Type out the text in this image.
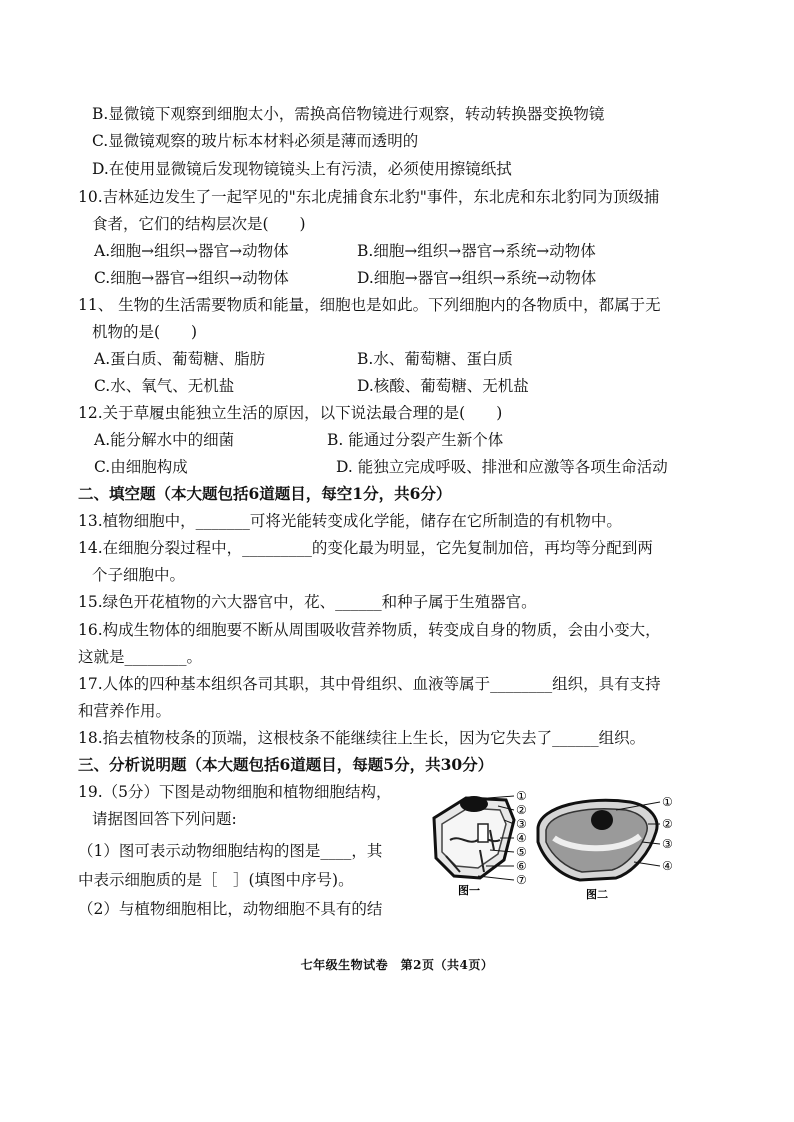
B.显微镜下观察到细胞太小，需换高倍物镜进行观察，转动转换器变换物镜
C.显微镜观察的玻片标本材料必须是薄而透明的
D.在使用显微镜后发现物镜镜头上有污渍，必须使用擦镜纸拭
10.吉林延边发生了一起罕见的"东北虎捕食东北豹"事件，东北虎和东北豹同为顶级捕
食者，它们的结构层次是(　　)
A.细胞→组织→器官→动物体	B.细胞→组织→器官→系统→动物体
C.细胞→器官→组织→动物体	D.细胞→器官→组织→系统→动物体
11、 生物的生活需要物质和能量，细胞也是如此。下列细胞内的各物质中，都属于无
机物的是(　　)
A.蛋白质、葡萄糖、脂肪	B.水、葡萄糖、蛋白质
C.水、氧气、无机盐	D.核酸、葡萄糖、无机盐
12.关于草履虫能独立生活的原因，以下说法最合理的是(　　)
A.能分解水中的细菌	B. 能通过分裂产生新个体
C.由细胞构成	D. 能独立完成呼吸、排泄和应激等各项生命活动
二、填空题（本大题包括6道题目，每空1分，共6分）
13.植物细胞中，_______可将光能转变成化学能，储存在它所制造的有机物中。
14.在细胞分裂过程中，_________的变化最为明显，它先复制加倍，再均等分配到两
个子细胞中。
15.绿色开花植物的六大器官中，花、______和种子属于生殖器官。
16.构成生物体的细胞要不断从周围吸收营养物质，转变成自身的物质，会由小变大，
这就是________。
17.人体的四种基本组织各司其职，其中骨组织、血液等属于________组织，具有支持
和营养作用。
18.掐去植物枝条的顶端，这根枝条不能继续往上生长，因为它失去了______组织。
三、分析说明题（本大题包括6道题目，每题5分，共30分）
19.（5分）下图是动物细胞和植物细胞结构，
请据图回答下列问题:
（1）图可表示动物细胞结构的图是____，其
中表示细胞质的是［　］(填图中序号)。
（2）与植物细胞相比，动物细胞不具有的结
①
②
③
④
⑤
⑥
⑦
图一
①
②
③
④
图二
七年级生物试卷　第2页（共4页）
